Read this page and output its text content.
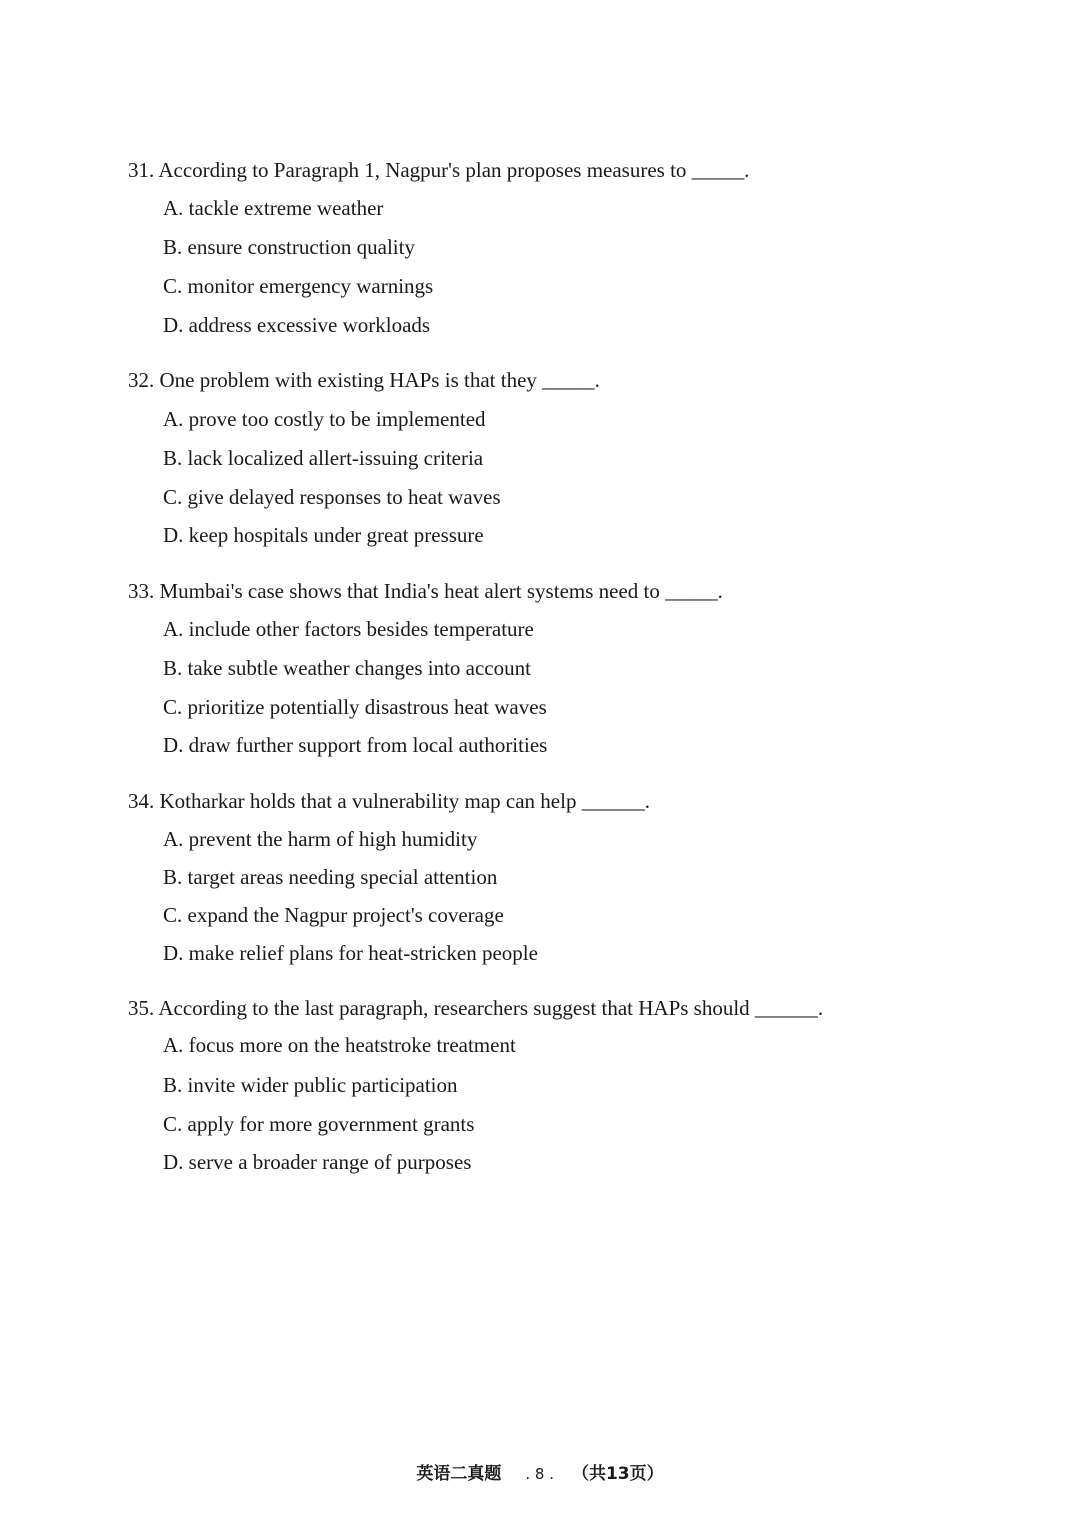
31. According to Paragraph 1, Nagpur's plan proposes measures to _____.
A. tackle extreme weather
B. ensure construction quality
C. monitor emergency warnings
D. address excessive workloads
32. One problem with existing HAPs is that they _____.
A. prove too costly to be implemented
B. lack localized allert-issuing criteria
C. give delayed responses to heat waves
D. keep hospitals under great pressure
33. Mumbai's case shows that India's heat alert systems need to _____.
A. include other factors besides temperature
B. take subtle weather changes into account
C. prioritize potentially disastrous heat waves
D. draw further support from local authorities
34. Kotharkar holds that a vulnerability map can help ______.
A. prevent the harm of high humidity
B. target areas needing special attention
C. expand the Nagpur project's coverage
D. make relief plans for heat-stricken people
35. According to the last paragraph, researchers suggest that HAPs should ______.
A. focus more on the heatstroke treatment
B. invite wider public participation
C. apply for more government grants
D. serve a broader range of purposes
英语二真题 . 8 . （共13页）
